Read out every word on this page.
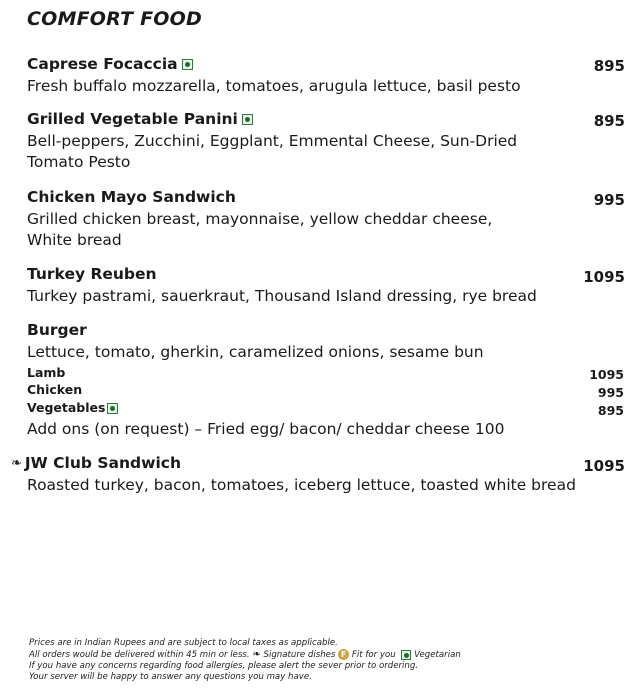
COMFORT FOOD
Caprese Focaccia	895
Fresh buffalo mozzarella, tomatoes, arugula lettuce, basil pesto
Grilled Vegetable Panini	895
Bell-peppers, Zucchini, Eggplant, Emmental Cheese, Sun-Dried
Tomato Pesto
Chicken Mayo Sandwich	995
Grilled chicken breast, mayonnaise, yellow cheddar cheese,
White bread
Turkey Reuben	1095
Turkey pastrami, sauerkraut, Thousand Island dressing, rye bread
Burger
Lettuce, tomato, gherkin, caramelized onions, sesame bun
Lamb	1095
Chicken	995
Vegetables	895
Add ons (on request) – Fried egg/ bacon/ cheddar cheese 100
❧ JW Club Sandwich	1095
Roasted turkey, bacon, tomatoes, iceberg lettuce, toasted white bread
Prices are in Indian Rupees and are subject to local taxes as applicable.
All orders would be delivered within 45 min or less. ❧ Signature dishes F Fit for you Vegetarian
If you have any concerns regarding food allergies, please alert the sever prior to ordering.
Your server will be happy to answer any questions you may have.
